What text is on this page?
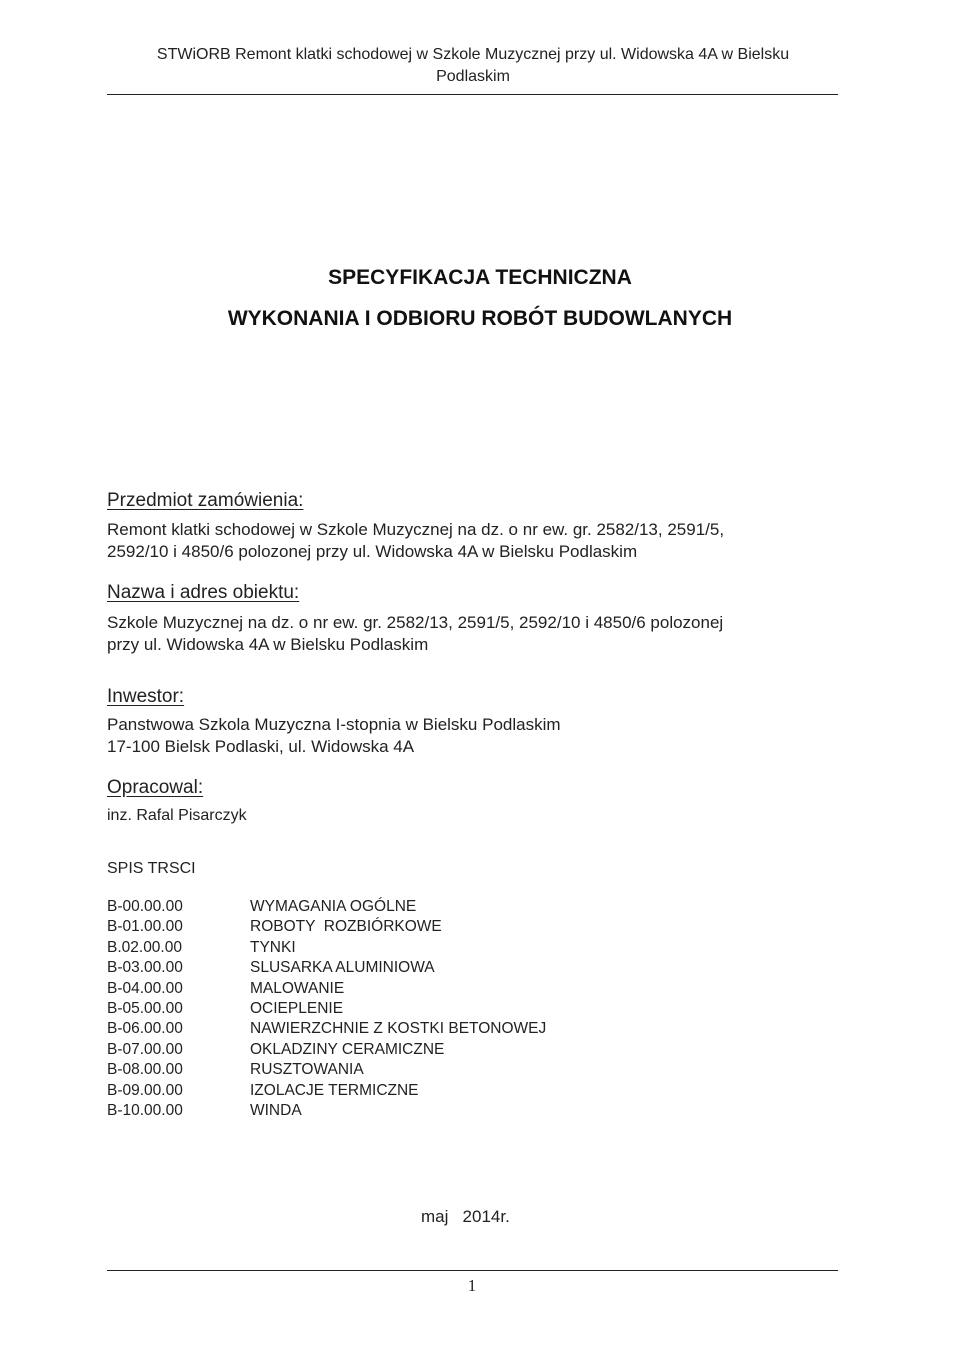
STWiORB Remont klatki schodowej w Szkole Muzycznej przy ul. Widowska 4A w Bielsku
Podlaskim
SPECYFIKACJA TECHNICZNA
WYKONANIA I ODBIORU ROBÓT BUDOWLANYCH
Przedmiot zamówienia:
Remont klatki schodowej w Szkole Muzycznej na dz. o nr ew. gr. 2582/13, 2591/5,
2592/10 i 4850/6 polozonej przy ul. Widowska 4A w Bielsku Podlaskim
Nazwa i adres obiektu:
Szkole Muzycznej na dz. o nr ew. gr. 2582/13, 2591/5, 2592/10 i 4850/6 polozonej
przy ul. Widowska 4A w Bielsku Podlaskim
Inwestor:
Panstwowa Szkola Muzyczna I-stopnia w Bielsku Podlaskim
17-100 Bielsk Podlaski, ul. Widowska 4A
Opracowal:
inz. Rafal Pisarczyk
SPIS TRSCI
B-00.00.00	WYMAGANIA OGÓLNE
B-01.00.00	ROBOTY  ROZBIÓRKOWE
B.02.00.00	TYNKI
B-03.00.00	SLUSARKA ALUMINIOWA
B-04.00.00	MALOWANIE
B-05.00.00	OCIEPLENIE
B-06.00.00	NAWIERZCHNIE Z KOSTKI BETONOWEJ
B-07.00.00	OKLADZINY CERAMICZNE
B-08.00.00	RUSZTOWANIA
B-09.00.00	IZOLACJE TERMICZNE
B-10.00.00	WINDA
maj   2014r.
1
